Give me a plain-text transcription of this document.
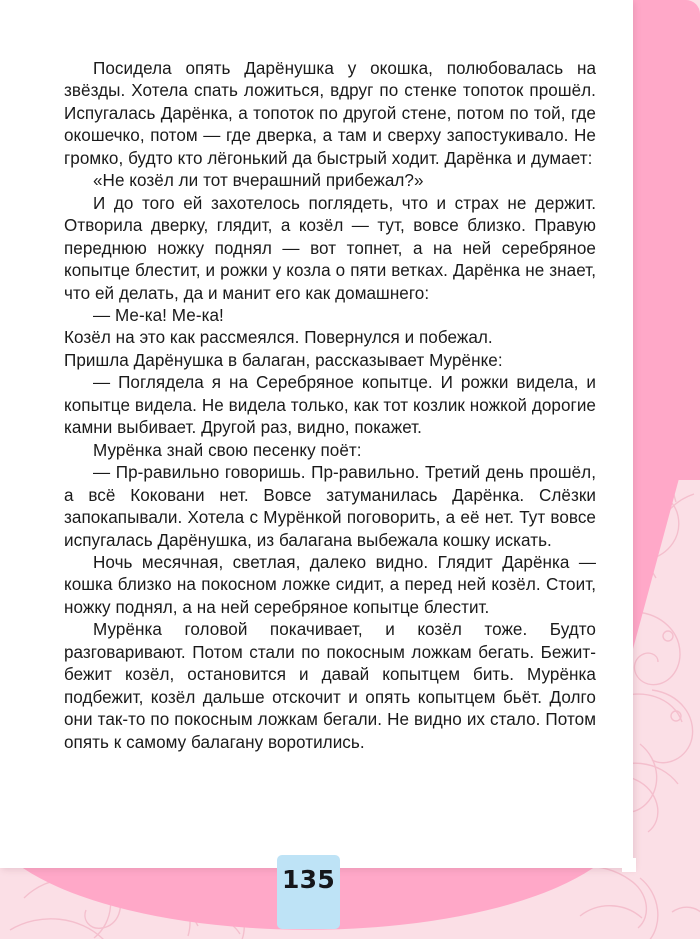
Посидела опять Дарёнушка у окошка, полюбовалась на звёзды. Хотела спать ложиться, вдруг по стенке топоток прошёл. Испугалась Дарёнка, а топоток по другой стене, потом по той, где окошечко, потом — где дверка, а там и сверху запостукивало. Не громко, будто кто лёгонький да быстрый ходит. Дарёнка и думает:

«Не козёл ли тот вчерашний прибежал?»

И до того ей захотелось поглядеть, что и страх не держит. Отворила дверку, глядит, а козёл — тут, вовсе близко. Правую переднюю ножку поднял — вот топнет, а на ней серебряное копытце блестит, и рожки у козла о пяти ветках. Дарёнка не знает, что ей делать, да и манит его как домашнего:

— Ме-ка! Ме-ка!

Козёл на это как рассмеялся. Повернулся и побежал.

Пришла Дарёнушка в балаган, рассказывает Мурёнке:

— Поглядела я на Серебряное копытце. И рожки видела, и копытце видела. Не видела только, как тот козлик ножкой дорогие камни выбивает. Другой раз, видно, покажет.

Мурёнка знай свою песенку поёт:

— Пр-равильно говоришь. Пр-равильно. Третий день прошёл, а всё Коковани нет. Вовсе затуманилась Дарёнка. Слёзки запокапывали. Хотела с Мурёнкой поговорить, а её нет. Тут вовсе испугалась Дарёнушка, из балагана выбежала кошку искать.

Ночь месячная, светлая, далеко видно. Глядит Дарёнка — кошка близко на покосном ложке сидит, а перед ней козёл. Стоит, ножку поднял, а на ней серебряное копытце блестит.

Мурёнка головой покачивает, и козёл тоже. Будто разговаривают. Потом стали по покосным ложкам бегать. Бежит-бежит козёл, остановится и давай копытцем бить. Мурёнка подбежит, козёл дальше отскочит и опять копытцем бьёт. Долго они так-то по покосным ложкам бегали. Не видно их стало. Потом опять к самому балагану воротились.

135
